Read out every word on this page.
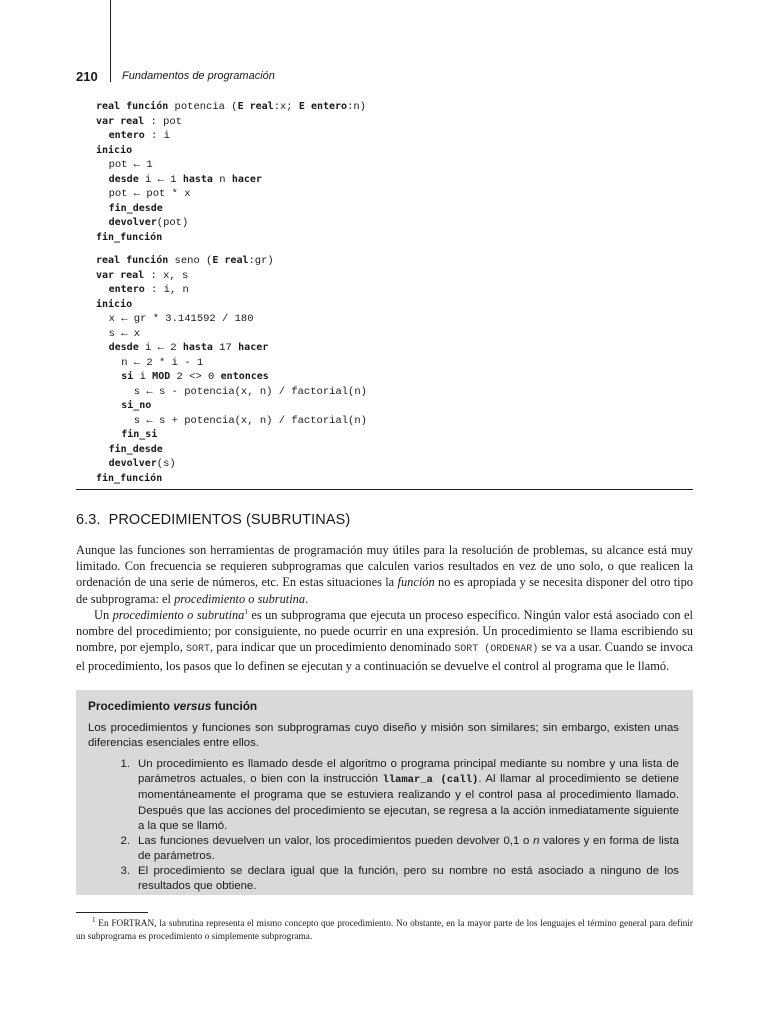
210	Fundamentos de programación
real función potencia (E real:x; E entero:n)
var real : pot
entero : i
inicio
pot ← 1
desde i ← 1 hasta n hacer
pot ← pot * x
fin_desde
devolver(pot)
fin_función
real función seno (E real:gr)
var real : x, s
entero : i, n
inicio
x ← gr * 3.141592 / 180
s ← x
desde i ← 2 hasta 17 hacer
n ← 2 * i - 1
si i MOD 2 <> 0 entonces
s ← s - potencia(x, n) / factorial(n)
si_no
s ← s + potencia(x, n) / factorial(n)
fin_si
fin_desde
devolver(s)
fin_función
6.3. PROCEDIMIENTOS (SUBRUTINAS)

Aunque las funciones son herramientas de programación muy útiles para la resolución de problemas, su alcance está muy limitado. Con frecuencia se requieren subprogramas que calculen varios resultados en vez de uno solo, o que realicen la ordenación de una serie de números, etc. En estas situaciones la función no es apropiada y se necesita disponer del otro tipo de subprograma: el procedimiento o subrutina.

Un procedimiento o subrutina$^1$ es un subprograma que ejecuta un proceso específico. Ningún valor está asociado con el nombre del procedimiento; por consiguiente, no puede ocurrir en una expresión. Un procedimiento se llama escribiendo su nombre, por ejemplo, SORT, para indicar que un procedimiento denominado SORT (ORDENAR) se va a usar. Cuando se invoca el procedimiento, los pasos que lo definen se ejecutan y a continuación se devuelve el control al programa que le llamó.

Procedimiento versus función
Los procedimientos y funciones son subprogramas cuyo diseño y misión son similares; sin embargo, existen unas diferencias esenciales entre ellos.
1. Un procedimiento es llamado desde el algoritmo o programa principal mediante su nombre y una lista de parámetros actuales, o bien con la instrucción llamar_a (call). Al llamar al procedimiento se detiene momentáneamente el programa que se estuviera realizando y el control pasa al procedimiento llamado. Después que las acciones del procedimiento se ejecutan, se regresa a la acción inmediatamente siguiente a la que se llamó.
2. Las funciones devuelven un valor, los procedimientos pueden devolver 0,1 o n valores y en forma de lista de parámetros.
3. El procedimiento se declara igual que la función, pero su nombre no está asociado a ninguno de los resultados que obtiene.

$^1$ En FORTRAN, la subrutina representa el mismo concepto que procedimiento. No obstante, en la mayor parte de los lenguajes el término general para definir un subprograma es procedimiento o simplemente subprograma.
